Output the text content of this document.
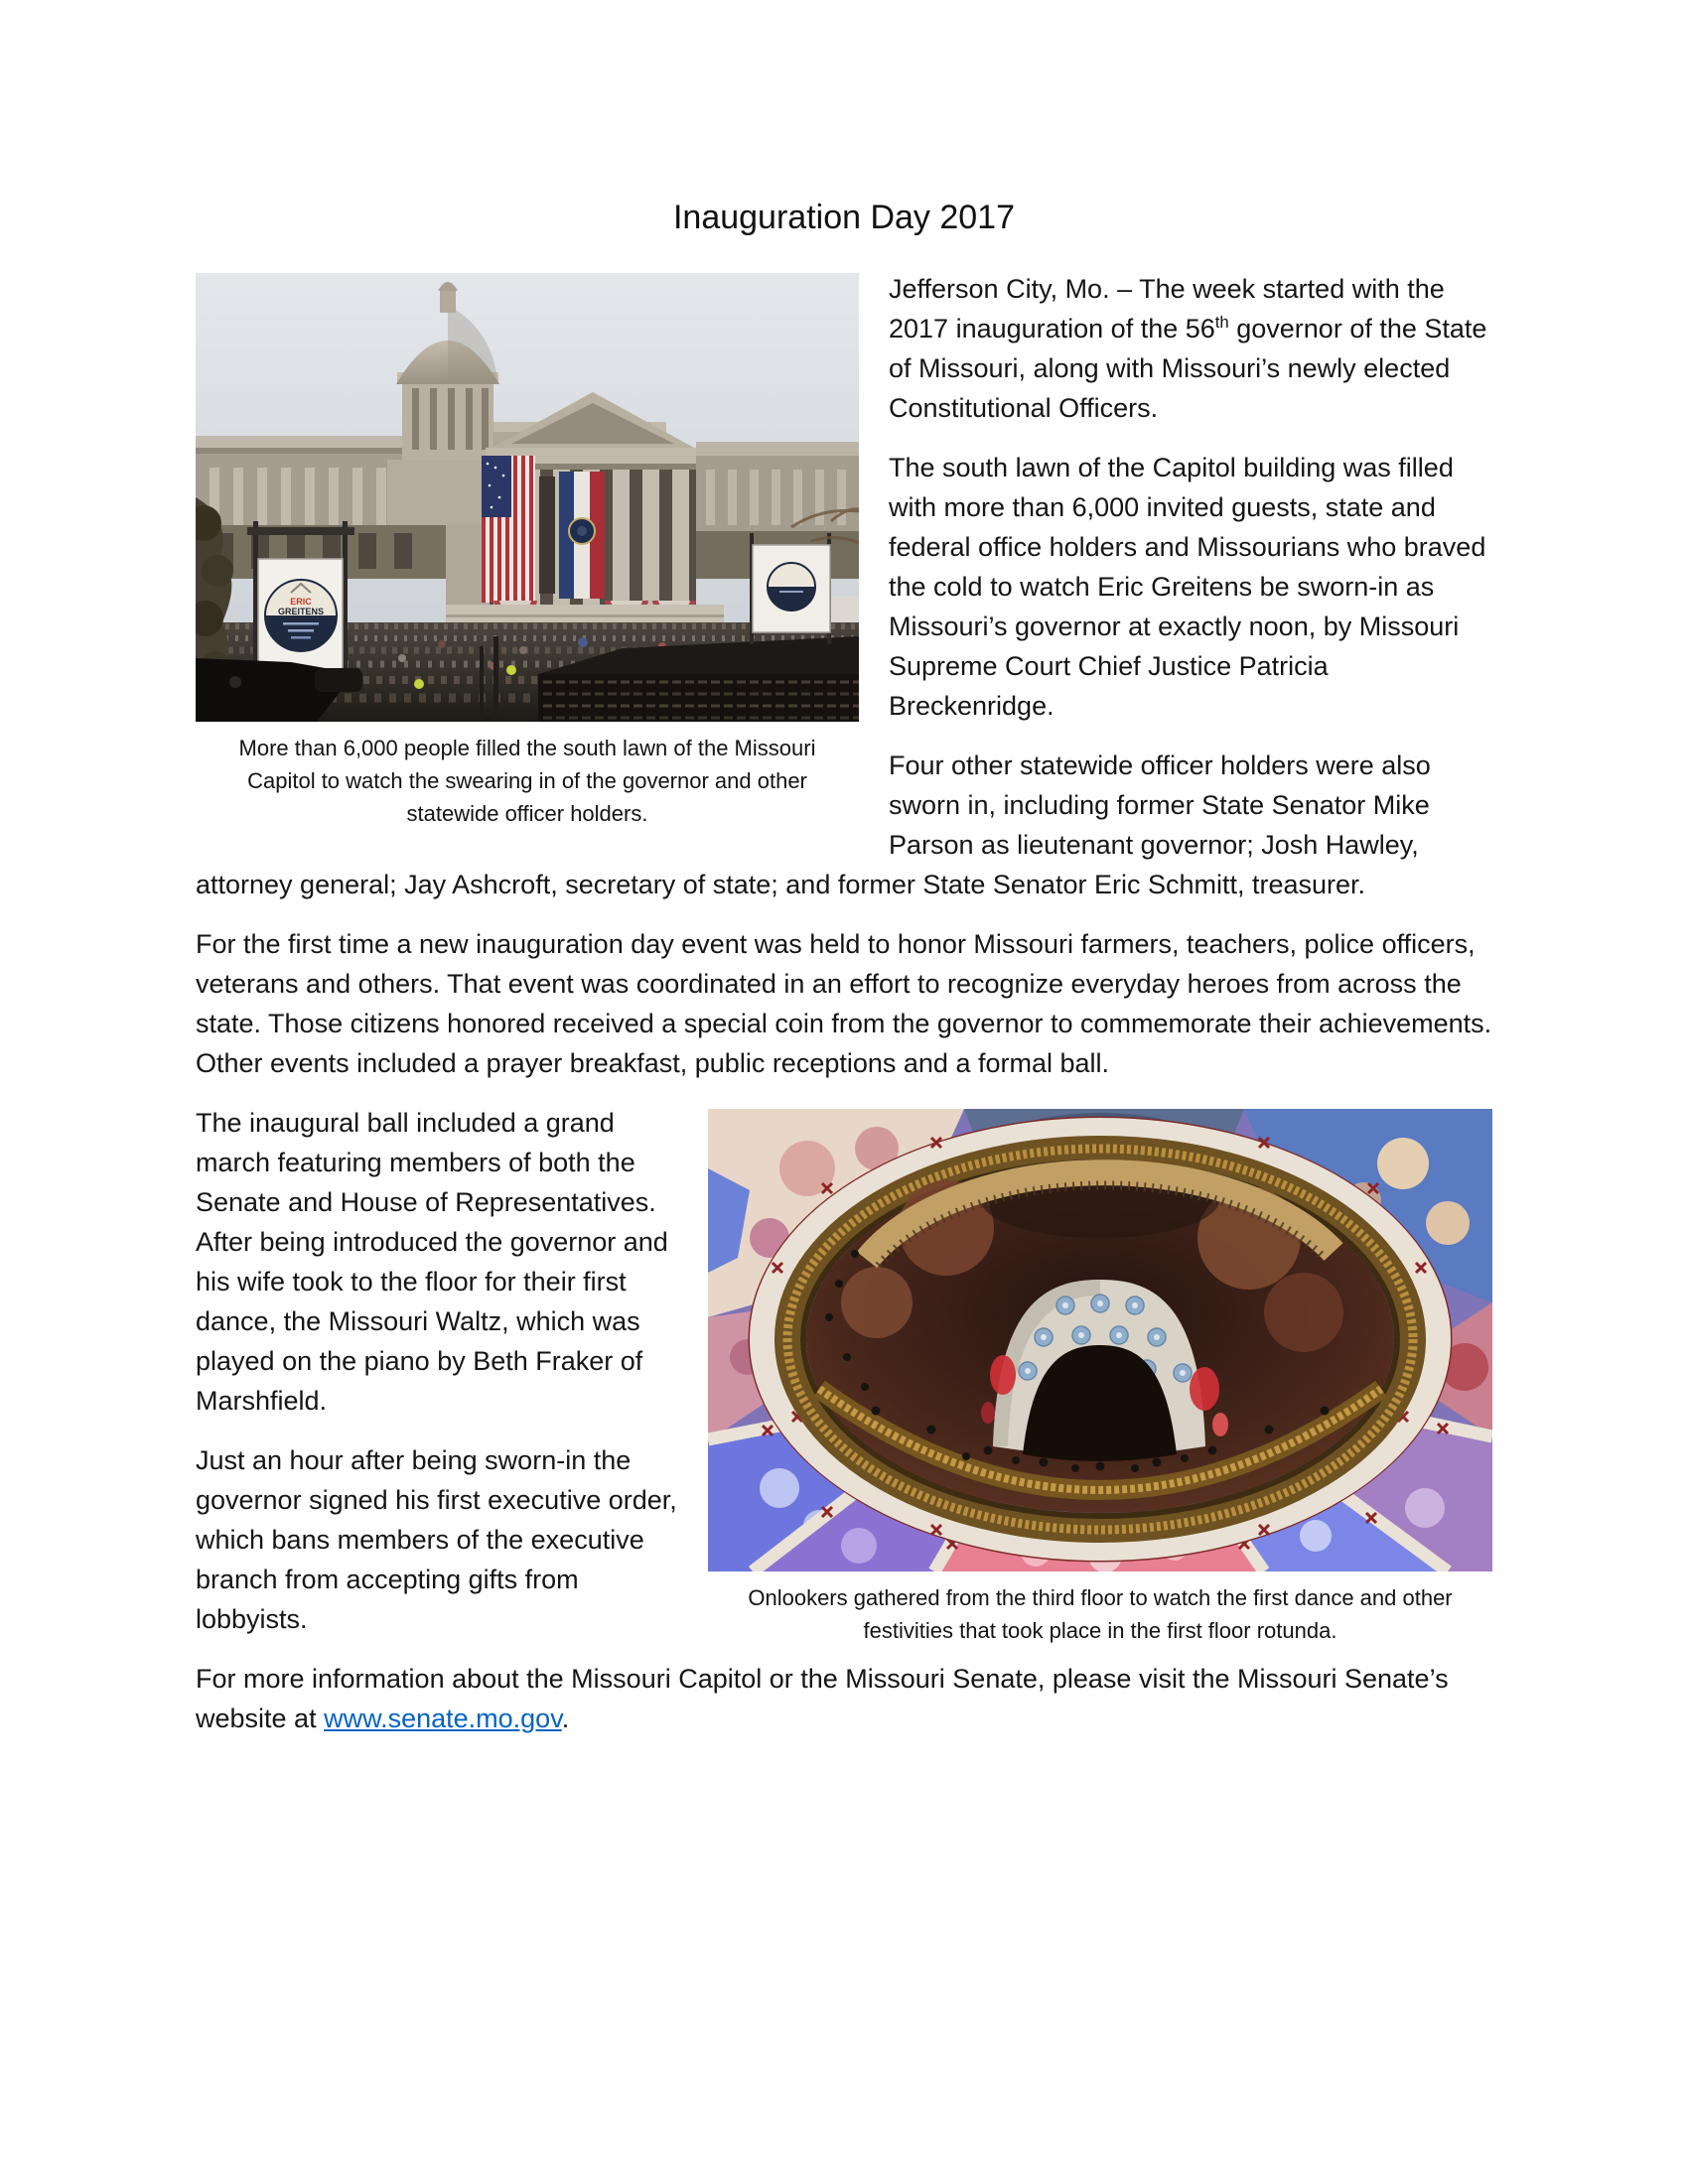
Inauguration Day 2017
ERIC
GREITENS
More than 6,000 people filled the south lawn of the Missouri Capitol to watch the swearing in of the governor and other statewide officer holders.

Jefferson City, Mo. – The week started with the 2017 inauguration of the 56th governor of the State of Missouri, along with Missouri’s newly elected Constitutional Officers.

The south lawn of the Capitol building was filled with more than 6,000 invited guests, state and federal office holders and Missourians who braved the cold to watch Eric Greitens be sworn-in as Missouri’s governor at exactly noon, by Missouri Supreme Court Chief Justice Patricia Breckenridge.

Four other statewide officer holders were also sworn in, including former State Senator Mike Parson as lieutenant governor; Josh Hawley, attorney general; Jay Ashcroft, secretary of state; and former State Senator Eric Schmitt, treasurer.

For the first time a new inauguration day event was held to honor Missouri farmers, teachers, police officers, veterans and others. That event was coordinated in an effort to recognize everyday heroes from across the state. Those citizens honored received a special coin from the governor to commemorate their achievements. Other events included a prayer breakfast, public receptions and a formal ball.

Onlookers gathered from the third floor to watch the first dance and other festivities that took place in the first floor rotunda.

The inaugural ball included a grand march featuring members of both the Senate and House of Representatives. After being introduced the governor and his wife took to the floor for their first dance, the Missouri Waltz, which was played on the piano by Beth Fraker of Marshfield.

Just an hour after being sworn-in the governor signed his first executive order, which bans members of the executive branch from accepting gifts from lobbyists.

For more information about the Missouri Capitol or the Missouri Senate, please visit the Missouri Senate’s website at www.senate.mo.gov.
